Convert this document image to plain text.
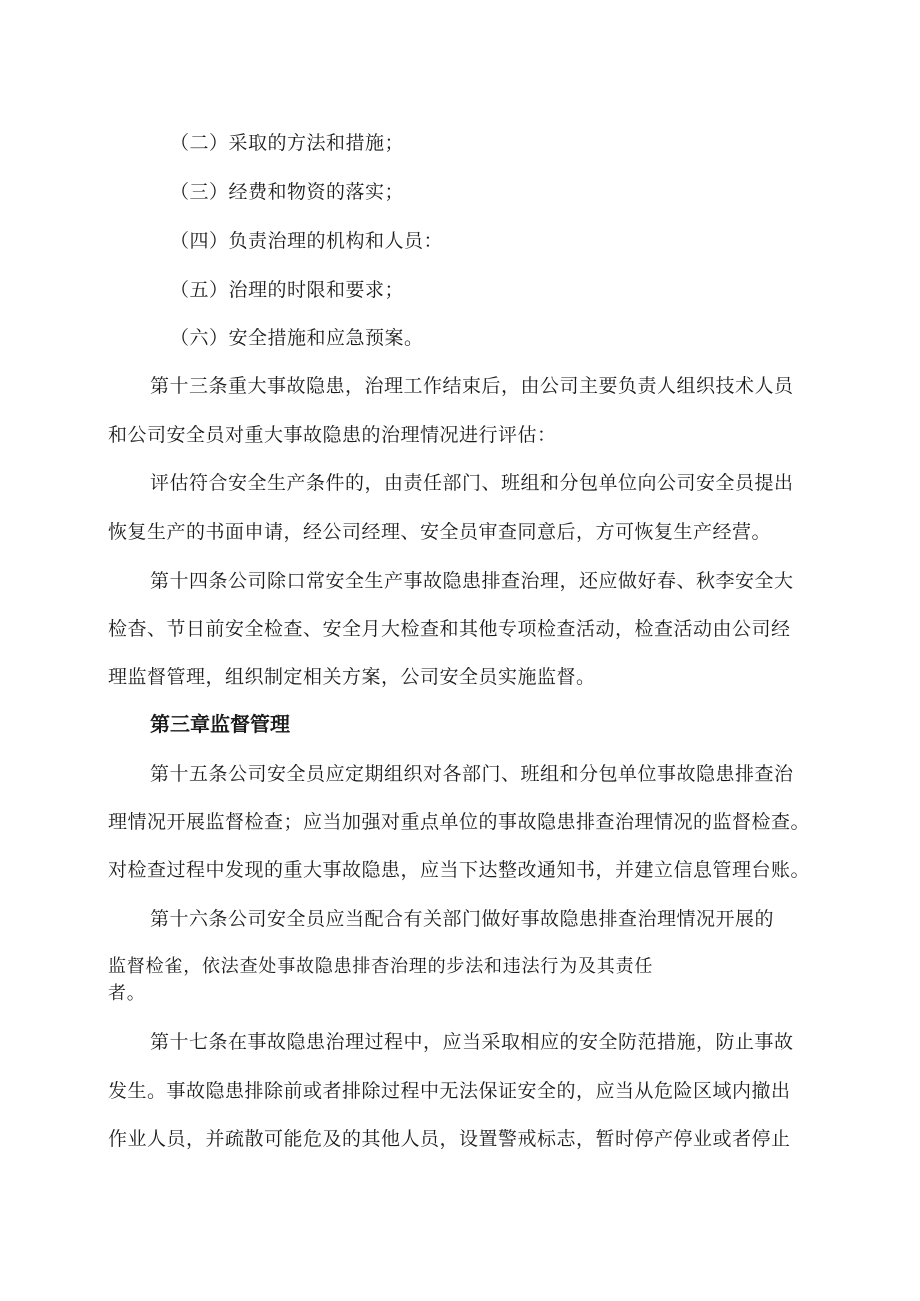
（二）采取的方法和措施；

（三）经费和物资的落实；

（四）负责治理的机构和人员：

（五）治理的时限和要求；

（六）安全措施和应急预案。

第十三条重大事故隐患，治理工作结束后，由公司主要负责人组织技术人员

和公司安全员对重大事故隐患的治理情况进行评估：

评估符合安全生产条件的，由责任部门、班组和分包单位向公司安全员提出

恢复生产的书面申请，经公司经理、安全员审查同意后，方可恢复生产经营。

第十四条公司除口常安全生产事故隐患排查治理，还应做好春、秋李安全大

检杳、节日前安全检查、安全月大检查和其他专项检查活动，检查活动由公司经

理监督管理，组织制定相关方案，公司安全员实施监督。

第三章监督管理

第十五条公司安全员应定期组织对各部门、班组和分包单位事故隐患排查治

理情况开展监督检查；应当加强对重点单位的事故隐患排查治理情况的监督检查。

对检查过程中发现的重大事故隐患，应当下达整改通知书，并建立信息管理台账。

第十六条公司安全员应当配合有关部门做好事故隐患排查治理情况开展的

监督检雀，依法查处事故隐患排杳治理的步法和违法行为及其责任

者。

第十七条在事故隐患治理过程中，应当采取相应的安全防范措施，防止事故

发生。事故隐患排除前或者排除过程中无法保证安全的，应当从危险区域内撤出

作业人员，并疏散可能危及的其他人员，设置警戒标志，暂时停产停业或者停止
